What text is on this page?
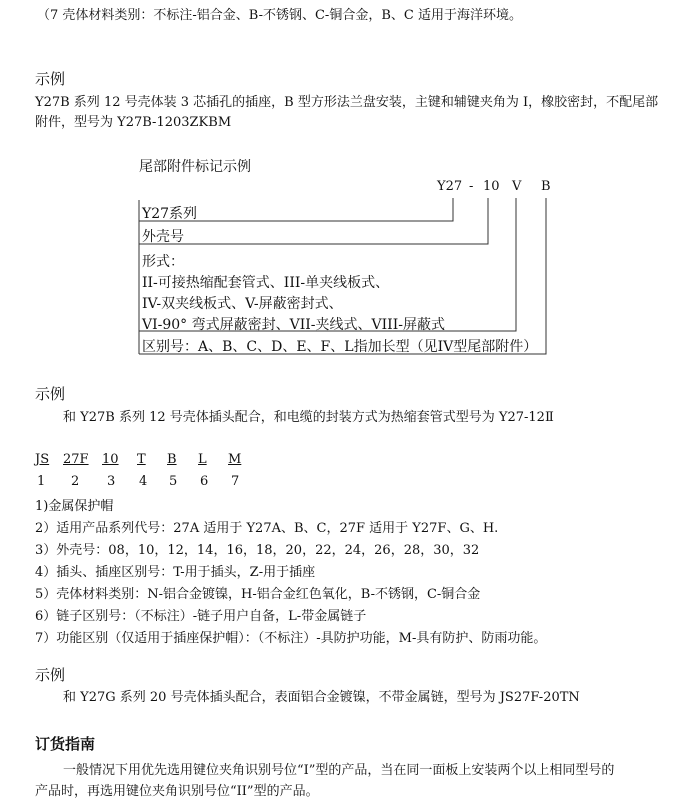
（7 壳体材料类别：不标注-铝合金、B-不锈钢、C-铜合金，B、C 适用于海洋环境。
示例
Y27B 系列 12 号壳体装 3 芯插孔的插座，B 型方形法兰盘安装，主键和辅键夹角为 I，橡胶密封，不配尾部
附件，型号为 Y27B-1203ZKBM
尾部附件标记示例
Y27 - 10 V B
Y27系列
外壳号
形式：
II-可接热缩配套管式、III-单夹线板式、
IV-双夹线板式、V-屏蔽密封式、
VI-90° 弯式屏蔽密封、VII-夹线式、VIII-屏蔽式
区别号：A、B、C、D、E、F、L指加长型（见IV型尾部附件）
示例
和 Y27B 系列 12 号壳体插头配合，和电缆的封装方式为热缩套管式型号为 Y27-12Ⅱ
JS 27F 10 T B L M
1 2 3 4 5 6 7
1)金属保护帽
2）适用产品系列代号：27A 适用于 Y27A、B、C，27F 适用于 Y27F、G、H.
3）外壳号：08，10，12，14，16，18，20，22，24，26，28，30，32
4）插头、插座区别号：T-用于插头，Z-用于插座
5）壳体材料类别：N-铝合金镀镍，H-铝合金红色氧化，B-不锈钢，C-铜合金
6）链子区别号：（不标注）-链子用户自备，L-带金属链子
7）功能区别（仅适用于插座保护帽）：（不标注）-具防护功能，M-具有防护、防雨功能。
示例
和 Y27G 系列 20 号壳体插头配合，表面铝合金镀镍，不带金属链，型号为 JS27F-20TN
订货指南
一般情况下用优先选用键位夹角识别号位“I”型的产品，当在同一面板上安装两个以上相同型号的
产品时，再选用键位夹角识别号位“II”型的产品。
